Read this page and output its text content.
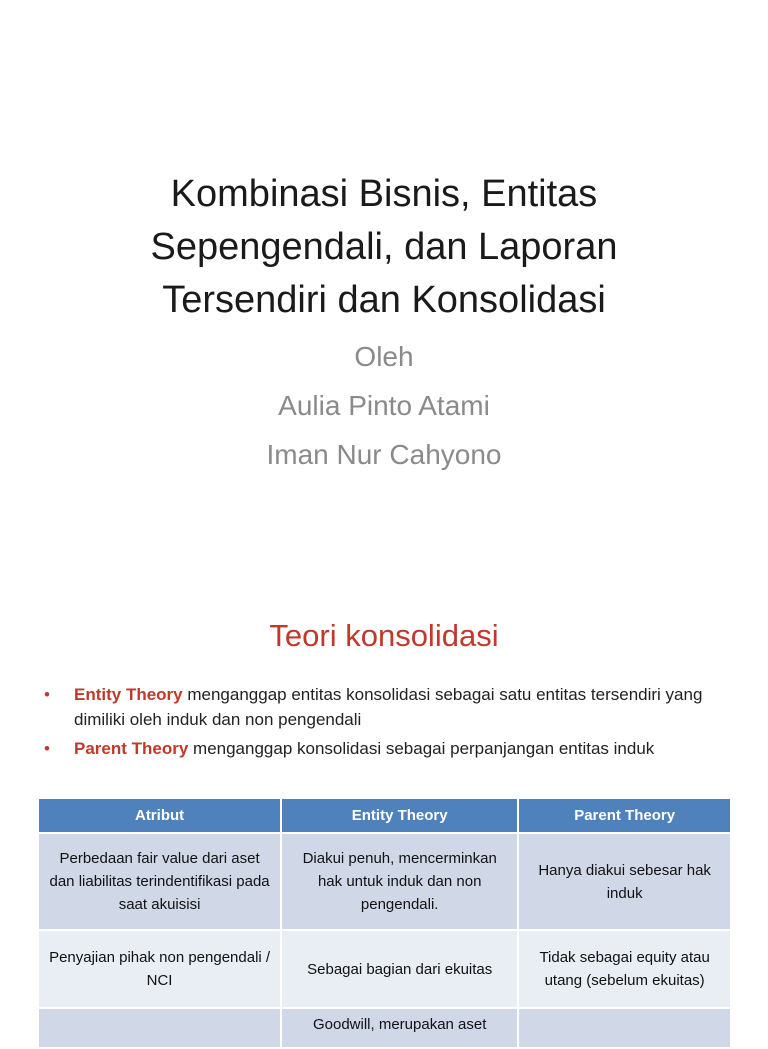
Kombinasi Bisnis, Entitas
Sepengendali, dan Laporan
Tersendiri dan Konsolidasi
Oleh
Aulia Pinto Atami
Iman Nur Cahyono
Teori konsolidasi
• Entity Theory menganggap entitas konsolidasi sebagai satu entitas tersendiri yang dimiliki oleh induk dan non pengendali
• Parent Theory menganggap konsolidasi sebagai perpanjangan entitas induk
Atribut	Entity Theory	Parent Theory
Perbedaan fair value dari aset dan liabilitas terindentifikasi pada saat akuisisi	Diakui penuh, mencerminkan hak untuk induk dan non pengendali.	Hanya diakui sebesar hak induk
Penyajian pihak non pengendali / NCI	Sebagai bagian dari ekuitas	Tidak sebagai equity atau utang (sebelum ekuitas)
	Goodwill, merupakan aset	
